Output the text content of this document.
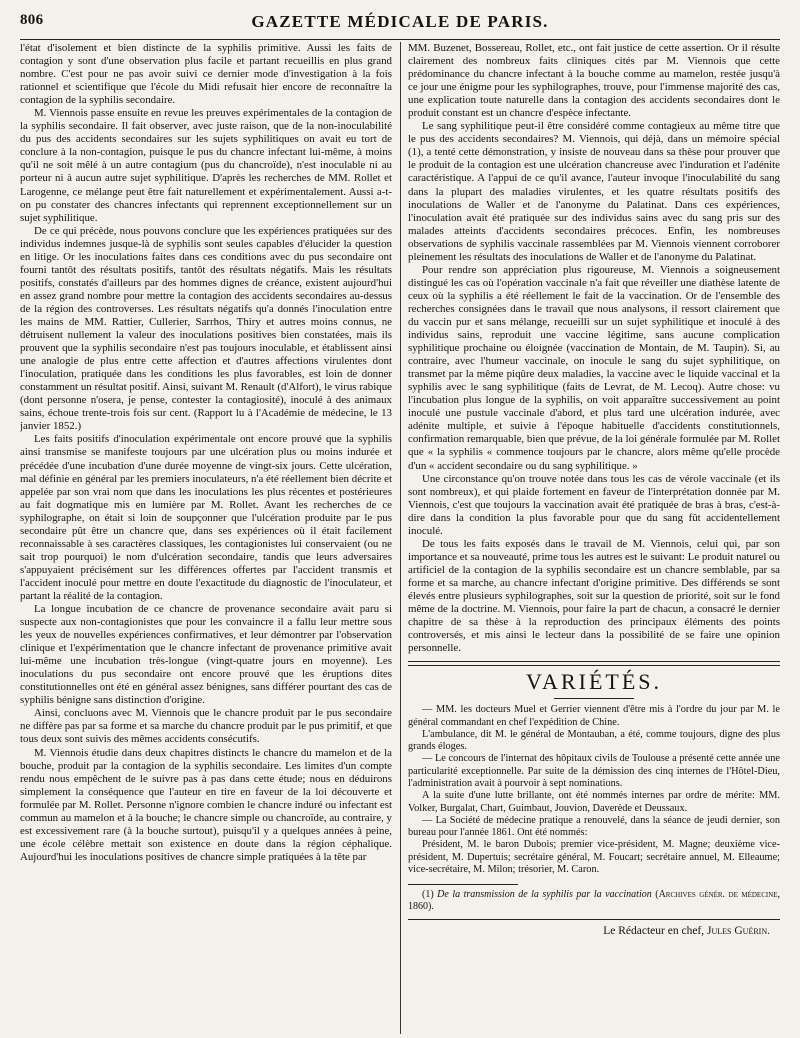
806	GAZETTE MÉDICALE DE PARIS.

l'état d'isolement et bien distincte de la syphilis primitive. Aussi les faits de contagion y sont d'une observation plus facile et partant recueillis en plus grand nombre. C'est pour ne pas avoir suivi ce dernier mode d'investigation à la fois rationnel et scientifique que l'école du Midi refusait hier encore de reconnaître la contagion de la syphilis secondaire.

M. Viennois passe ensuite en revue les preuves expérimentales de la contagion de la syphilis secondaire. Il fait observer, avec juste raison, que de la non-inoculabilité du pus des accidents secondaires sur les sujets syphilitiques on avait eu tort de conclure à la non-contagion, puisque le pus du chancre infectant lui-même, à moins qu'il ne soit mêlé à un autre contagium (pus du chancroïde), n'est inoculable ni au porteur ni à aucun autre sujet syphilitique. D'après les recherches de MM. Rollet et Larogenne, ce mélange peut être fait naturellement et expérimentalement. Aussi a-t-on pu constater des chancres infectants qui reprennent exceptionnellement sur un sujet syphilitique.

De ce qui précède, nous pouvons conclure que les expériences pratiquées sur des individus indemnes jusque-là de syphilis sont seules capables d'élucider la question en litige. Or les inoculations faites dans ces conditions avec du pus secondaire ont fourni tantôt des résultats positifs, tantôt des résultats négatifs. Mais les résultats positifs, constatés d'ailleurs par des hommes dignes de créance, existent aujourd'hui en assez grand nombre pour mettre la contagion des accidents secondaires au-dessus de la région des controverses. Les résultats négatifs qu'a donnés l'inoculation entre les mains de MM. Rattier, Cullerier, Sarrhos, Thiry et autres moins connus, ne détruisent nullement la valeur des inoculations positives bien constatées, mais ils prouvent que la syphilis secondaire n'est pas toujours inoculable, et établissent ainsi une analogie de plus entre cette affection et d'autres affections virulentes dont l'inoculation, pratiquée dans les conditions les plus favorables, est loin de donner constamment un résultat positif. Ainsi, suivant M. Renault (d'Alfort), le virus rabique (dont personne n'osera, je pense, contester la contagiosité), inoculé à des animaux sains, échoue trente-trois fois sur cent. (Rapport lu à l'Académie de médecine, le 13 janvier 1852.)

Les faits positifs d'inoculation expérimentale ont encore prouvé que la syphilis ainsi transmise se manifeste toujours par une ulcération plus ou moins indurée et précédée d'une incubation d'une durée moyenne de vingt-six jours. Cette ulcération, mal définie en général par les premiers inoculateurs, n'a été réellement bien décrite et appelée par son vrai nom que dans les inoculations les plus récentes et postérieures au fait dogmatique mis en lumière par M. Rollet. Avant les recherches de ce syphilographe, on était si loin de soupçonner que l'ulcération produite par le pus secondaire pût être un chancre que, dans ses expériences où il était facilement reconnaissable à ses caractères classiques, les contagionistes lui conservaient (ou ne sait trop pourquoi) le nom d'ulcération secondaire, tandis que leurs adversaires s'appuyaient précisément sur les différences offertes par l'accident transmis et l'accident inoculé pour mettre en doute l'exactitude du diagnostic de l'inoculateur, et partant la réalité de la contagion.

La longue incubation de ce chancre de provenance secondaire avait paru si suspecte aux non-contagionistes que pour les convaincre il a fallu leur mettre sous les yeux de nouvelles expériences confirmatives, et leur démontrer par l'observation clinique et l'expérimentation que le chancre infectant de provenance primitive avait lui-même une incubation très-longue (vingt-quatre jours en moyenne). Les inoculations du pus secondaire ont encore prouvé que les éruptions dites constitutionnelles ont été en général assez bénignes, sans différer pourtant des cas de syphilis bénigne sans distinction d'origine.

Ainsi, concluons avec M. Viennois que le chancre produit par le pus secondaire ne diffère pas par sa forme et sa marche du chancre produit par le pus primitif, et que tous deux sont suivis des mêmes accidents consécutifs.

M. Viennois étudie dans deux chapitres distincts le chancre du mamelon et de la bouche, produit par la contagion de la syphilis secondaire. Les limites d'un compte rendu nous empêchent de le suivre pas à pas dans cette étude; nous en déduirons simplement la conséquence que l'auteur en tire en faveur de la loi découverte et formulée par M. Rollet. Personne n'ignore combien le chancre induré ou infectant est commun au mamelon et à la bouche; le chancre simple ou chancroïde, au contraire, y est excessivement rare (à la bouche surtout), puisqu'il y a quelques années à peine, une école célèbre mettait son existence en doute dans la région céphalique. Aujourd'hui les inoculations positives de chancre simple pratiquées à la tête par

MM. Buzenet, Bossereau, Rollet, etc., ont fait justice de cette assertion. Or il résulte clairement des nombreux faits cliniques cités par M. Viennois que cette prédominance du chancre infectant à la bouche comme au mamelon, restée jusqu'à ce jour une énigme pour les syphilographes, trouve, pour l'immense majorité des cas, une explication toute naturelle dans la contagion des accidents secondaires dont le produit constant est un chancre d'espèce infectante.

Le sang syphilitique peut-il être considéré comme contagieux au même titre que le pus des accidents secondaires? M. Viennois, qui déjà, dans un mémoire spécial (1), a tenté cette démonstration, y insiste de nouveau dans sa thèse pour prouver que le produit de la contagion est une ulcération chancreuse avec l'induration et l'adénite caractéristique. A l'appui de ce qu'il avance, l'auteur invoque l'inoculabilité du sang dans la plupart des maladies virulentes, et les quatre résultats positifs des inoculations de Waller et de l'anonyme du Palatinat. Dans ces expériences, l'inoculation avait été pratiquée sur des individus sains avec du sang pris sur des malades atteints d'accidents secondaires précoces. Enfin, les nombreuses observations de syphilis vaccinale rassemblées par M. Viennois viennent corroborer pleinement les résultats des inoculations de Waller et de l'anonyme du Palatinat.

Pour rendre son appréciation plus rigoureuse, M. Viennois a soigneusement distingué les cas où l'opération vaccinale n'a fait que réveiller une diathèse latente de ceux où la syphilis a été réellement le fait de la vaccination. Or de l'ensemble des recherches consignées dans le travail que nous analysons, il ressort clairement que du vaccin pur et sans mélange, recueilli sur un sujet syphilitique et inoculé à des individus sains, reproduit une vaccine légitime, sans aucune complication syphilitique prochaine ou éloignée (vaccination de Montain, de M. Taupin). Si, au contraire, avec l'humeur vaccinale, on inocule le sang du sujet syphilitique, on transmet par la même piqûre deux maladies, la vaccine avec le liquide vaccinal et la syphilis avec le sang syphilitique (faits de Levrat, de M. Lecoq). Autre chose: vu l'incubation plus longue de la syphilis, on voit apparaître successivement au point inoculé une pustule vaccinale d'abord, et plus tard une ulcération indurée, avec adénite multiple, et suivie à l'époque habituelle d'accidents constitutionnels, confirmation remarquable, bien que prévue, de la loi générale formulée par M. Rollet que « la syphilis « commence toujours par le chancre, alors même qu'elle procède d'un « accident secondaire ou du sang syphilitique. »

Une circonstance qu'on trouve notée dans tous les cas de vérole vaccinale (et ils sont nombreux), et qui plaide fortement en faveur de l'interprétation donnée par M. Viennois, c'est que toujours la vaccination avait été pratiquée de bras à bras, c'est-à-dire dans la condition la plus favorable pour que du sang fût accidentellement inoculé.

De tous les faits exposés dans le travail de M. Viennois, celui qui, par son importance et sa nouveauté, prime tous les autres est le suivant: Le produit naturel ou artificiel de la contagion de la syphilis secondaire est un chancre semblable, par sa forme et sa marche, au chancre infectant d'origine primitive. Des différends se sont élevés entre plusieurs syphilographes, soit sur la question de priorité, soit sur le fond même de la doctrine. M. Viennois, pour faire la part de chacun, a consacré le dernier chapitre de sa thèse à la reproduction des principaux éléments des points controversés, et mis ainsi le lecteur dans la possibilité de se faire une opinion personnelle.

VARIÉTÉS.

— MM. les docteurs Muel et Gerrier viennent d'être mis à l'ordre du jour par M. le général commandant en chef l'expédition de Chine.

L'ambulance, dit M. le général de Montauban, a été, comme toujours, digne des plus grands éloges.

— Le concours de l'internat des hôpitaux civils de Toulouse a présenté cette année une particularité exceptionnelle. Par suite de la démission des cinq internes de l'Hôtel-Dieu, l'administration avait à pourvoir à sept nominations.

A la suite d'une lutte brillante, ont été nommés internes par ordre de mérite: MM. Volker, Burgalat, Chart, Guimbaut, Jouvion, Daverède et Deussaux.

— La Société de médecine pratique a renouvelé, dans la séance de jeudi dernier, son bureau pour l'année 1861. Ont été nommés:

Président, M. le baron Dubois; premier vice-président, M. Magne; deuxième vice-président, M. Dupertuis; secrétaire général, M. Foucart; secrétaire annuel, M. Elleaume; vice-secrétaire, M. Milon; trésorier, M. Caron.

(1) De la transmission de la syphilis par la vaccination (Archives génér. de médecine, 1860).

Le Rédacteur en chef, Jules Guérin.
